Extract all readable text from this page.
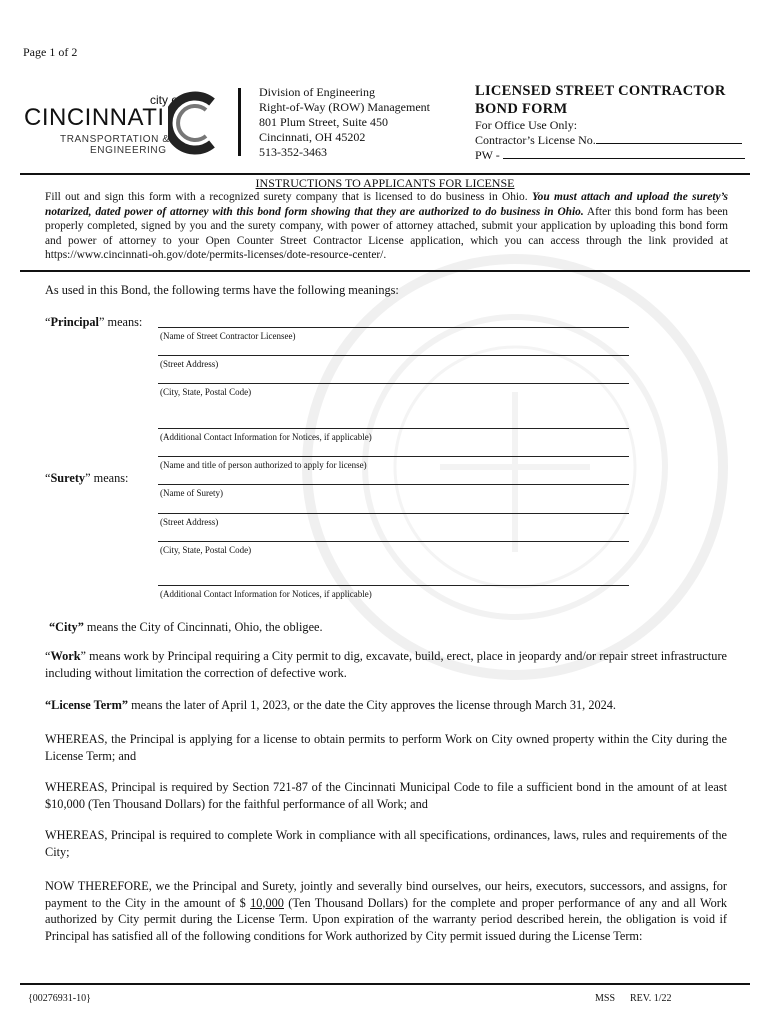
Page 1 of 2
city of
CINCINNATI
TRANSPORTATION &
ENGINEERING
Division of Engineering
Right-of-Way (ROW) Management
801 Plum Street, Suite 450
Cincinnati, OH 45202
513-352-3463
LICENSED STREET CONTRACTOR
BOND FORM
For Office Use Only:
Contractor’s License No.
PW -
INSTRUCTIONS TO APPLICANTS FOR LICENSE
Fill out and sign this form with a recognized surety company that is licensed to do business in Ohio. You must attach and upload the surety’s notarized, dated power of attorney with this bond form showing that they are authorized to do business in Ohio. After this bond form has been properly completed, signed by you and the surety company, with power of attorney attached, submit your application by uploading this bond form and power of attorney to your Open Counter Street Contractor License application, which you can access through the link provided at https://www.cincinnati-oh.gov/dote/permits-licenses/dote-resource-center/.
As used in this Bond, the following terms have the following meanings:
“Principal” means:
(Name of Street Contractor Licensee)
(Street Address)
(City, State, Postal Code)
(Additional Contact Information for Notices, if applicable)
(Name and title of person authorized to apply for license)
“Surety” means:
(Name of Surety)
(Street Address)
(City, State, Postal Code)
(Additional Contact Information for Notices, if applicable)
“City” means the City of Cincinnati, Ohio, the obligee.
“Work” means work by Principal requiring a City permit to dig, excavate, build, erect, place in jeopardy and/or repair street infrastructure including without limitation the correction of defective work.
“License Term” means the later of April 1, 2023, or the date the City approves the license through March 31, 2024.
WHEREAS, the Principal is applying for a license to obtain permits to perform Work on City owned property within the City during the License Term; and
WHEREAS, Principal is required by Section 721-87 of the Cincinnati Municipal Code to file a sufficient bond in the amount of at least $10,000 (Ten Thousand Dollars) for the faithful performance of all Work; and
WHEREAS, Principal is required to complete Work in compliance with all specifications, ordinances, laws, rules and requirements of the City;
NOW THEREFORE, we the Principal and Surety, jointly and severally bind ourselves, our heirs, executors, successors, and assigns, for payment to the City in the amount of $ 10,000 (Ten Thousand Dollars) for the complete and proper performance of any and all Work authorized by City permit during the License Term. Upon expiration of the warranty period described herein, the obligation is void if Principal has satisfied all of the following conditions for Work authorized by City permit issued during the License Term:
{00276931-10}	MSS REV. 1/22
